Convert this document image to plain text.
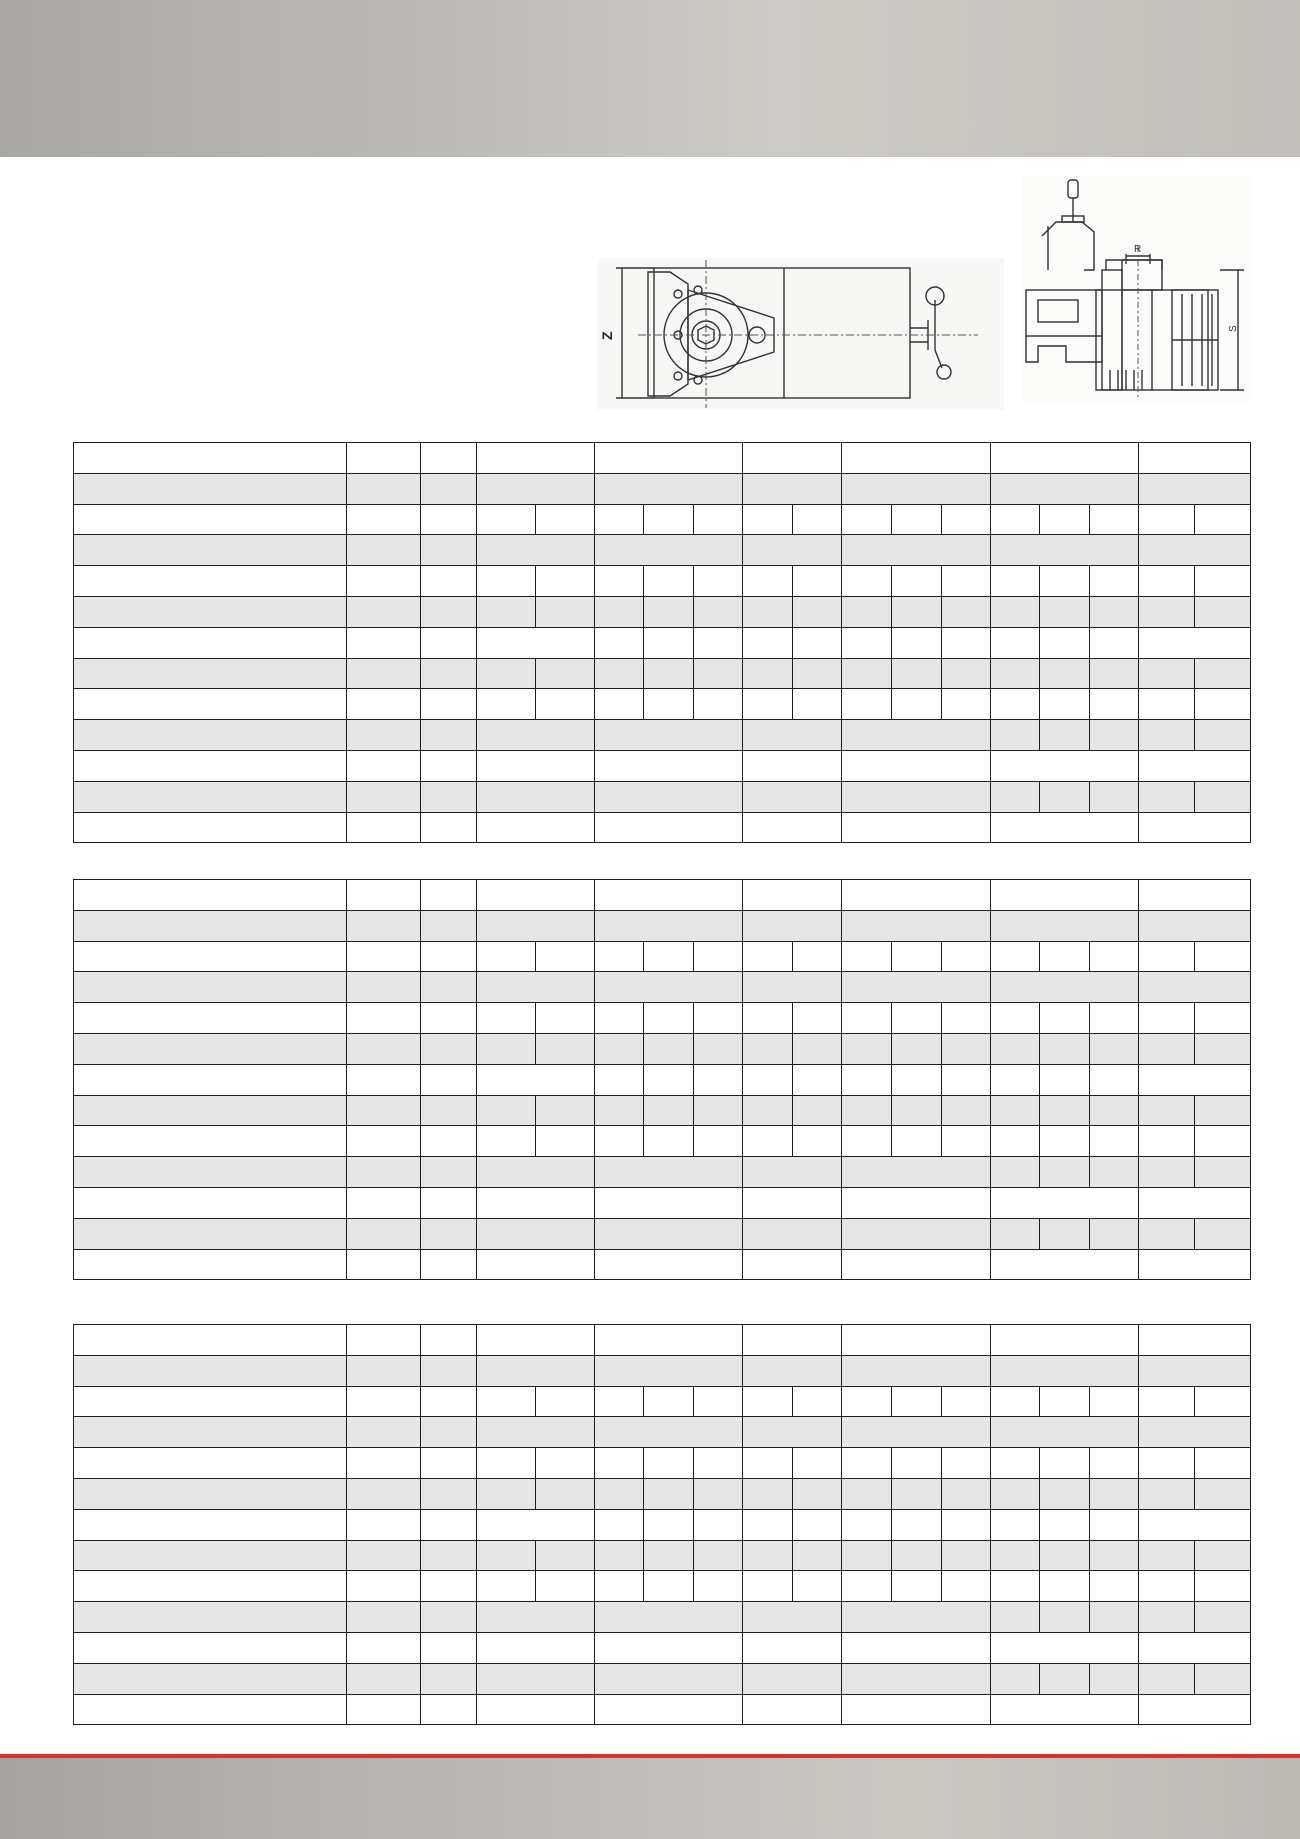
Z
R
S
